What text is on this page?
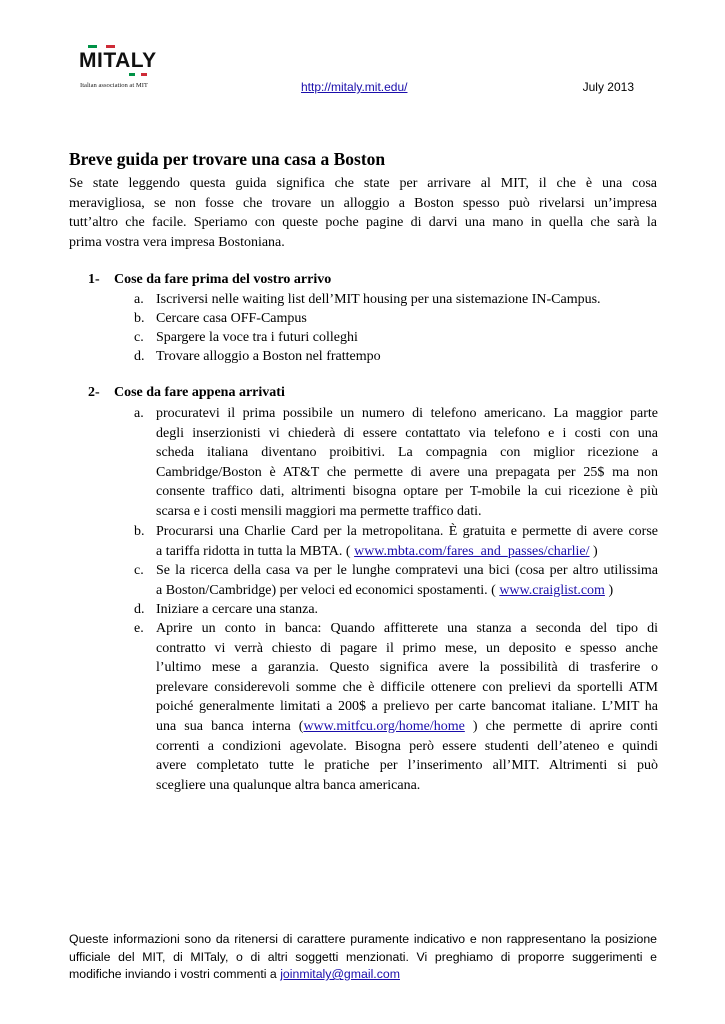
MITALY
Italian association at MIT	http://mitaly.mit.edu/	July 2013
Breve guida per trovare una casa a Boston
Se state leggendo questa guida significa che state per arrivare al MIT, il che è una cosa
meravigliosa, se non fosse che trovare un alloggio a Boston spesso può rivelarsi un’impresa
tutt’altro che facile. Speriamo con queste poche pagine di darvi una mano in quella che sarà la
prima vostra vera impresa Bostoniana.
1- Cose da fare prima del vostro arrivo
a. Iscriversi nelle waiting list dell’MIT housing per una sistemazione IN-Campus.
b. Cercare casa OFF-Campus
c. Spargere la voce tra i futuri colleghi
d. Trovare alloggio a Boston nel frattempo
2- Cose da fare appena arrivati
a. procuratevi il prima possibile un numero di telefono americano. La maggior parte
degli inserzionisti vi chiederà di essere contattato via telefono e i costi con una
scheda italiana diventano proibitivi. La compagnia con miglior ricezione a
Cambridge/Boston è AT&T che permette di avere una prepagata per 25$ ma non
consente traffico dati, altrimenti bisogna optare per T-mobile la cui ricezione è più
scarsa e i costi mensili maggiori ma permette traffico dati.
b. Procurarsi una Charlie Card per la metropolitana. È gratuita e permette di avere corse
a tariffa ridotta in tutta la MBTA. ( www.mbta.com/fares_and_passes/charlie/ )
c. Se la ricerca della casa va per le lunghe compratevi una bici (cosa per altro utilissima
a Boston/Cambridge) per veloci ed economici spostamenti. ( www.craiglist.com )
d. Iniziare a cercare una stanza.
e. Aprire un conto in banca: Quando affitterete una stanza a seconda del tipo di
contratto vi verrà chiesto di pagare il primo mese, un deposito e spesso anche
l’ultimo mese a garanzia. Questo significa avere la possibilità di trasferire o
prelevare considerevoli somme che è difficile ottenere con prelievi da sportelli ATM
poiché generalmente limitati a 200$ a prelievo per carte bancomat italiane. L’MIT ha
una sua banca interna (www.mitfcu.org/home/home ) che permette di aprire conti
correnti a condizioni agevolate. Bisogna però essere studenti dell’ateneo e quindi
avere completato tutte le pratiche per l’inserimento all’MIT. Altrimenti si può
scegliere una qualunque altra banca americana.
Queste informazioni sono da ritenersi di carattere puramente indicativo e non rappresentano la posizione
ufficiale del MIT, di MITaly, o di altri soggetti menzionati. Vi preghiamo di proporre suggerimenti e
modifiche inviando i vostri commenti a joinmitaly@gmail.com
